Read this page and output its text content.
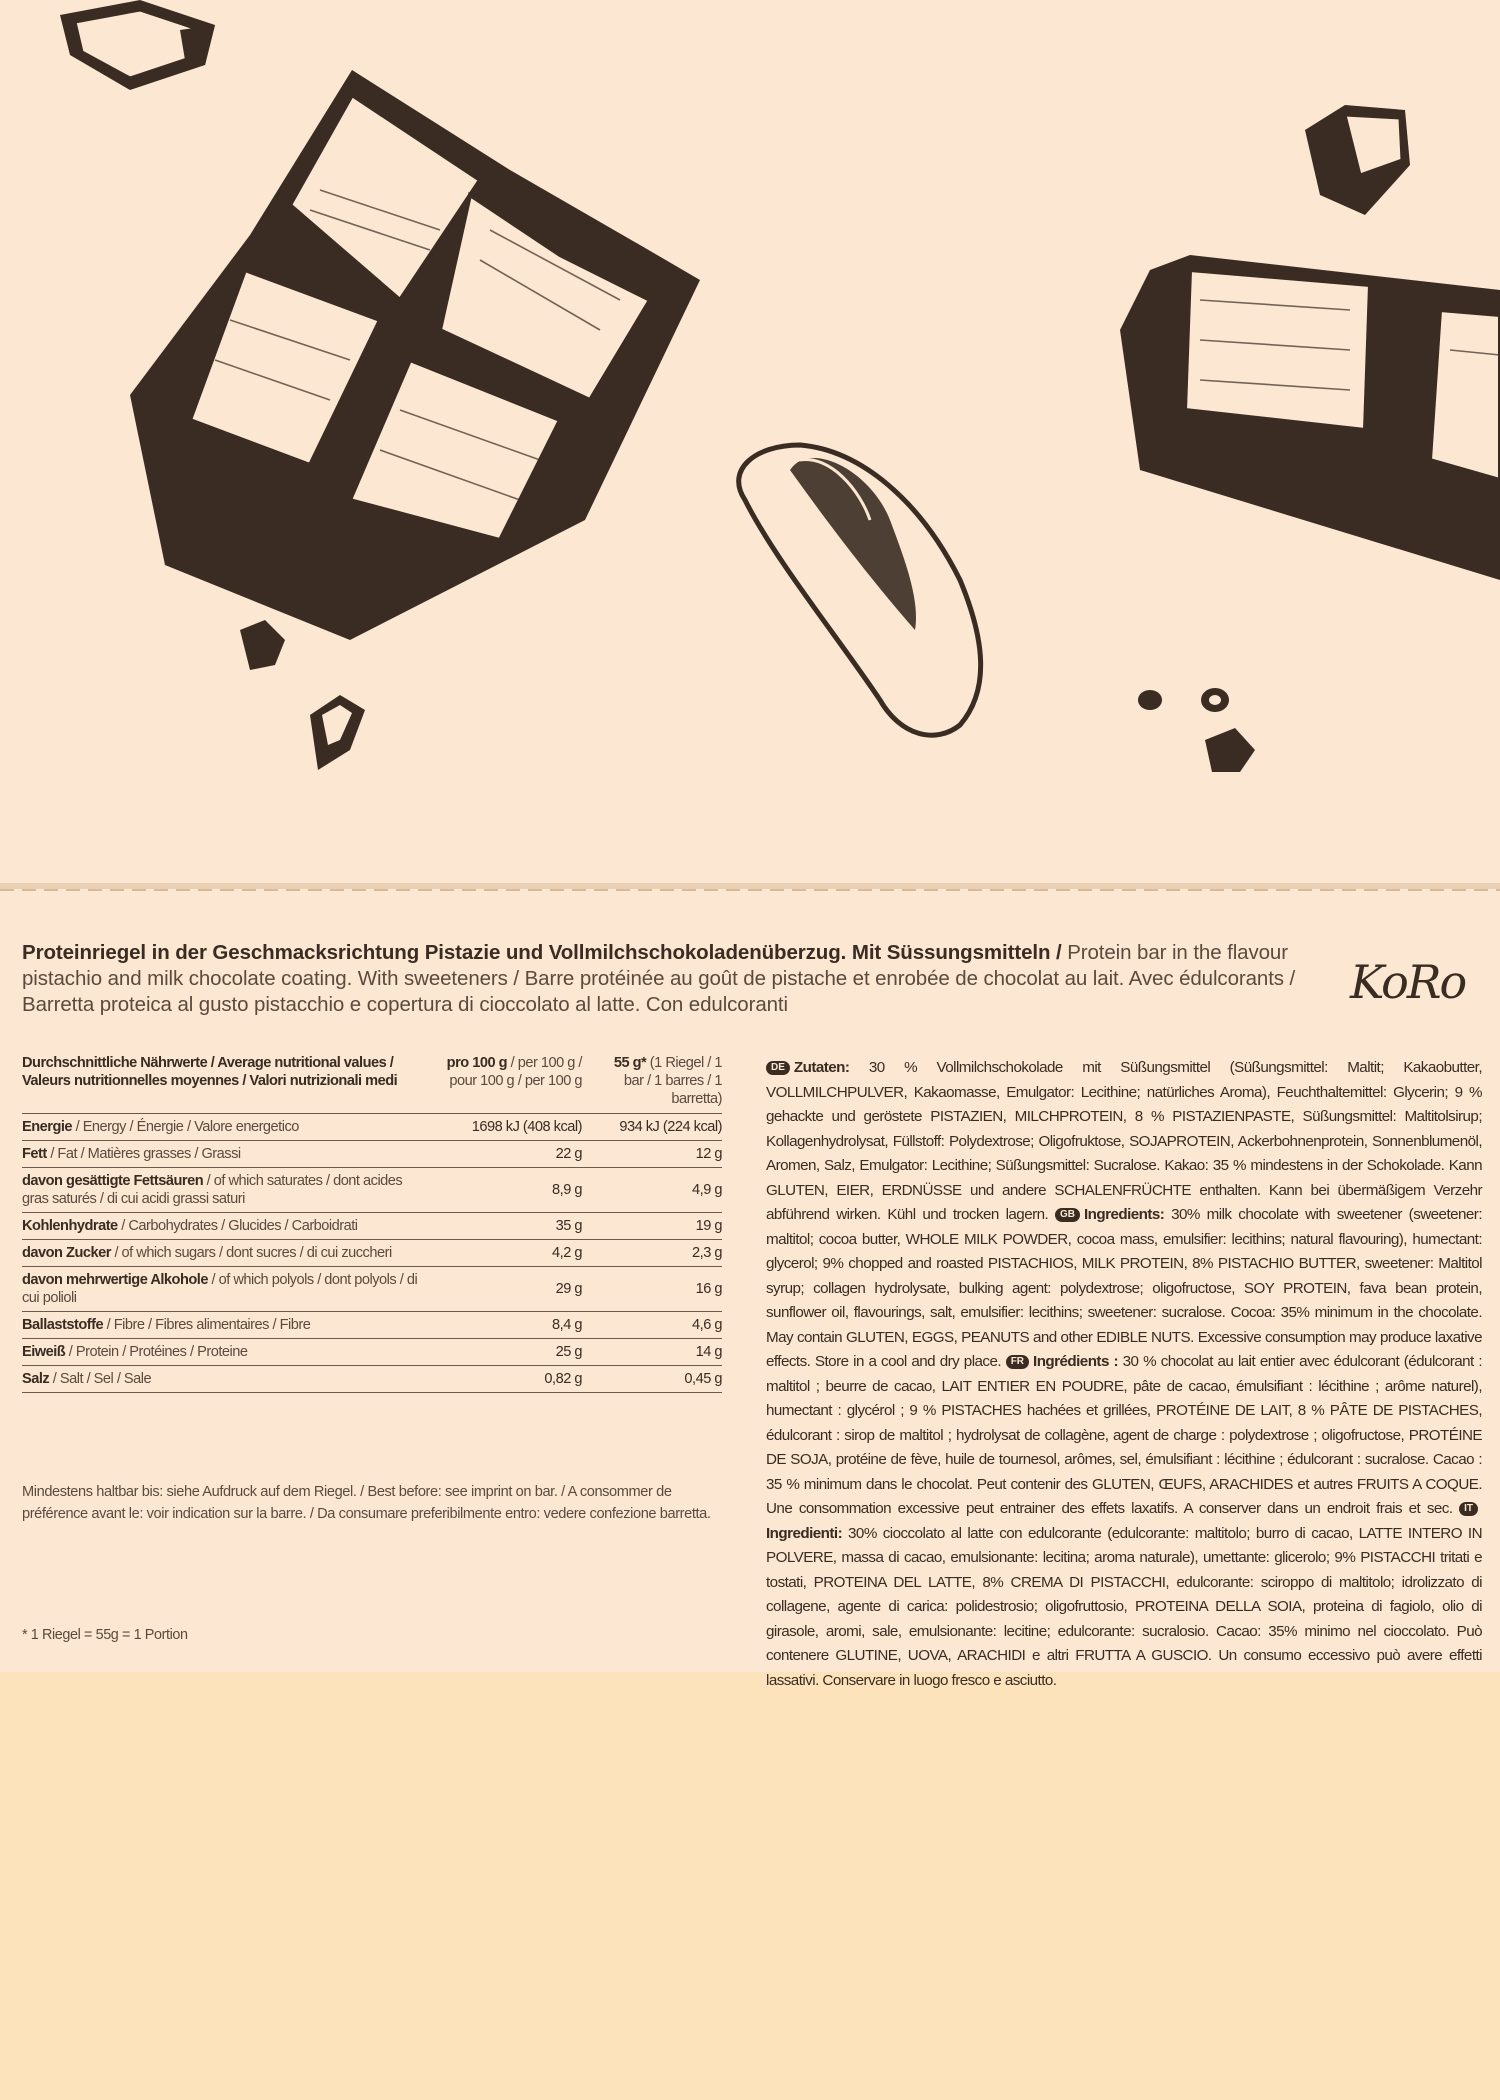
Proteinriegel in der Geschmacksrichtung Pistazie und Vollmilchschokoladenüberzug. Mit Süssungsmitteln / Protein bar in the flavour pistachio and milk chocolate coating. With sweeteners / Barre protéinée au goût de pistache et enrobée de chocolat au lait. Avec édulcorants / Barretta proteica al gusto pistacchio e copertura di cioccolato al latte. Con edulcoranti	KoRo
Durchschnittliche Nährwerte / Average nutritional values / Valeurs nutritionnelles moyennes / Valori nutrizionali medi	pro 100 g / per 100 g / pour 100 g / per 100 g	55 g* (1 Riegel / 1 bar / 1 barres / 1 barretta)
Energie / Energy / Énergie / Valore energetico	1698 kJ (408 kcal)	934 kJ (224 kcal)
Fett / Fat / Matières grasses / Grassi	22 g	12 g
davon gesättigte Fettsäuren / of which saturates / dont acides gras saturés / di cui acidi grassi saturi	8,9 g	4,9 g
Kohlenhydrate / Carbohydrates / Glucides / Carboidrati	35 g	19 g
davon Zucker / of which sugars / dont sucres / di cui zuccheri	4,2 g	2,3 g
davon mehrwertige Alkohole / of which polyols / dont polyols / di cui polioli	29 g	16 g
Ballaststoffe / Fibre / Fibres alimentaires / Fibre	8,4 g	4,6 g
Eiweiß / Protein / Protéines / Proteine	25 g	14 g
Salz / Salt / Sel / Sale	0,82 g	0,45 g
Mindestens haltbar bis: siehe Aufdruck auf dem Riegel. / Best before: see imprint on bar. / A consommer de préférence avant le: voir indication sur la barre. / Da consumare preferibilmente entro: vedere confezione barretta.
* 1 Riegel = 55g = 1 Portion
DE Zutaten: 30 % Vollmilchschokolade mit Süßungsmittel (Süßungsmittel: Maltit; Kakaobutter, VOLLMILCHPULVER, Kakaomasse, Emulgator: Lecithine; natürliches Aroma), Feuchthaltemittel: Glycerin; 9 % gehackte und geröstete PISTAZIEN, MILCHPROTEIN, 8 % PISTAZIENPASTE, Süßungsmittel: Maltitolsirup; Kollagenhydrolysat, Füllstoff: Polydextrose; Oligofruktose, SOJAPROTEIN, Ackerbohnenprotein, Sonnenblumenöl, Aromen, Salz, Emulgator: Lecithine; Süßungsmittel: Sucralose. Kakao: 35 % mindestens in der Schokolade. Kann GLUTEN, EIER, ERDNÜSSE und andere SCHALENFRÜCHTE enthalten. Kann bei übermäßigem Verzehr abführend wirken. Kühl und trocken lagern. GB Ingredients: 30% milk chocolate with sweetener (sweetener: maltitol; cocoa butter, WHOLE MILK POWDER, cocoa mass, emulsifier: lecithins; natural flavouring), humectant: glycerol; 9% chopped and roasted PISTACHIOS, MILK PROTEIN, 8% PISTACHIO BUTTER, sweetener: Maltitol syrup; collagen hydrolysate, bulking agent: polydextrose; oligofructose, SOY PROTEIN, fava bean protein, sunflower oil, flavourings, salt, emulsifier: lecithins; sweetener: sucralose. Cocoa: 35% minimum in the chocolate. May contain GLUTEN, EGGS, PEANUTS and other EDIBLE NUTS. Excessive consumption may produce laxative effects. Store in a cool and dry place. FR Ingrédients : 30 % chocolat au lait entier avec édulcorant (édulcorant : maltitol ; beurre de cacao, LAIT ENTIER EN POUDRE, pâte de cacao, émulsifiant : lécithine ; arôme naturel), humectant : glycérol ; 9 % PISTACHES hachées et grillées, PROTÉINE DE LAIT, 8 % PÂTE DE PISTACHES, édulcorant : sirop de maltitol ; hydrolysat de collagène, agent de charge : polydextrose ; oligofructose, PROTÉINE DE SOJA, protéine de fève, huile de tournesol, arômes, sel, émulsifiant : lécithine ; édulcorant : sucralose. Cacao : 35 % minimum dans le chocolat. Peut contenir des GLUTEN, ŒUFS, ARACHIDES et autres FRUITS A COQUE. Une consommation excessive peut entrainer des effets laxatifs. A conserver dans un endroit frais et sec. ITIngredienti: 30% cioccolato al latte con edulcorante (edulcorante: maltitolo; burro di cacao, LATTE INTERO IN POLVERE, massa di cacao, emulsionante: lecitina; aroma naturale), umettante: glicerolo; 9% PISTACCHI tritati e tostati, PROTEINA DEL LATTE, 8% CREMA DI PISTACCHI, edulcorante: sciroppo di maltitolo; idrolizzato di collagene, agente di carica: polidestrosio; oligofruttosio, PROTEINA DELLA SOIA, proteina di fagiolo, olio di girasole, aromi, sale, emulsionante: lecitine; edulcorante: sucralosio. Cacao: 35% minimo nel cioccolato. Può contenere GLUTINE, UOVA, ARACHIDI e altri FRUTTA A GUSCIO. Un consumo eccessivo può avere effetti lassativi. Conservare in luogo fresco e asciutto.
